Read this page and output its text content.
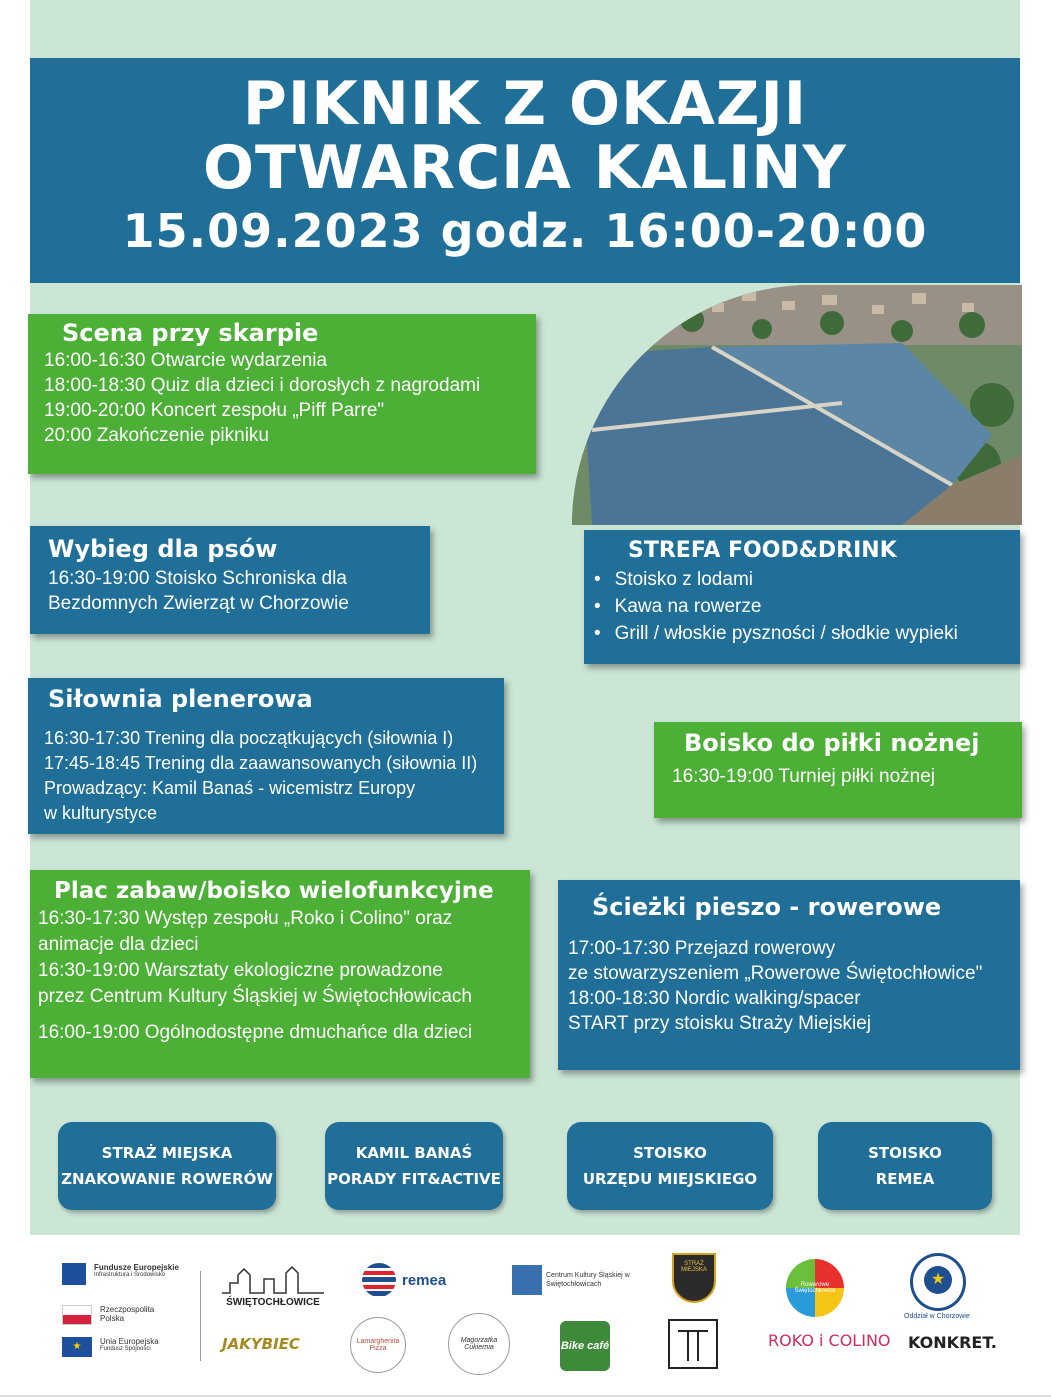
PIKNIK Z OKAZJI
OTWARCIA KALINY
15.09.2023 godz. 16:00-20:00
Scena przy skarpie
16:00-16:30 Otwarcie wydarzenia
18:00-18:30 Quiz dla dzieci i dorosłych z nagrodami
19:00-20:00 Koncert zespołu „Piff Parre"
20:00 Zakończenie pikniku
Wybieg dla psów
16:30-19:00 Stoisko Schroniska dla
Bezdomnych Zwierząt w Chorzowie
STREFA FOOD&DRINK
• Stoisko z lodami
• Kawa na rowerze
• Grill / włoskie pyszności / słodkie wypieki
Siłownia plenerowa
16:30-17:30 Trening dla początkujących (siłownia I)
17:45-18:45 Trening dla zaawansowanych (siłownia II)
Prowadzący: Kamil Banaś - wicemistrz Europy
w kulturystyce
Boisko do piłki nożnej
16:30-19:00 Turniej piłki nożnej
Plac zabaw/boisko wielofunkcyjne
16:30-17:30 Występ zespołu „Roko i Colino" oraz
animacje dla dzieci
16:30-19:00 Warsztaty ekologiczne prowadzone
przez Centrum Kultury Śląskiej w Świętochłowicach
16:00-19:00 Ogólnodostępne dmuchańce dla dzieci
Ścieżki pieszo - rowerowe
17:00-17:30 Przejazd rowerowy
ze stowarzyszeniem „Rowerowe Świętochłowice"
18:00-18:30 Nordic walking/spacer
START przy stoisku Straży Miejskiej
STRAŻ MIEJSKA
ZNAKOWANIE ROWERÓW
KAMIL BANAŚ
PORADY FIT&ACTIVE
STOISKO
URZĘDU MIEJSKIEGO
STOISKO
REMEA
Fundusze Europejskie
Infrastruktura i Środowisko
Rzeczpospolita Polska
★	Unia Europejska
Fundusz Spójności
ŚWIĘTOCHŁOWICE
JAKYBIEC
remea
Lamarghenita Pizza
Centrum Kultury Śląskiej w Świętochłowicach
Magorzatka Cukiernia	Bike café
STRAŻ MIEJSKA
Rowerowe Świętochłowice
ROKO i COLINO
★
Oddział w Chorzowie
KONKRET.
